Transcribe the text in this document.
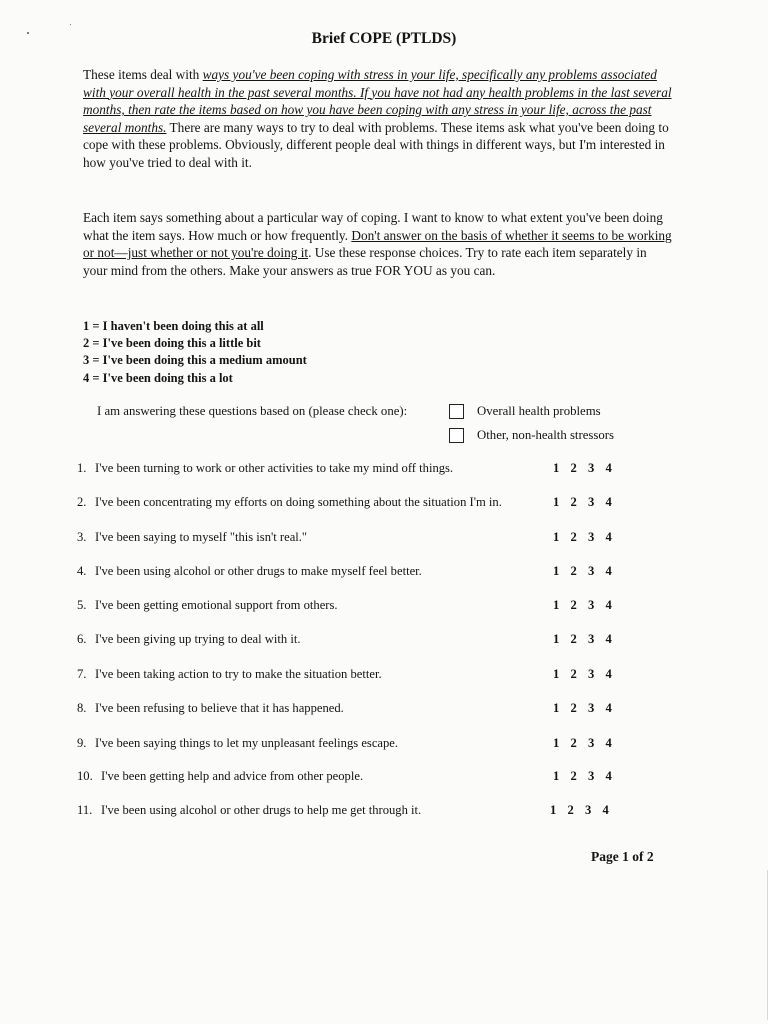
Brief COPE (PTLDS)
These items deal with ways you've been coping with stress in your life, specifically any problems associated with your overall health in the past several months. If you have not had any health problems in the last several months, then rate the items based on how you have been coping with any stress in your life, across the past several months. There are many ways to try to deal with problems. These items ask what you've been doing to cope with these problems. Obviously, different people deal with things in different ways, but I'm interested in how you've tried to deal with it.
Each item says something about a particular way of coping. I want to know to what extent you've been doing what the item says. How much or how frequently. Don't answer on the basis of whether it seems to be working or not—just whether or not you're doing it. Use these response choices. Try to rate each item separately in your mind from the others. Make your answers as true FOR YOU as you can.
1 = I haven't been doing this at all
2 = I've been doing this a little bit
3 = I've been doing this a medium amount
4 = I've been doing this a lot
I am answering these questions based on (please check one):	Overall health problems
Other, non-health stressors
1. I've been turning to work or other activities to take my mind off things.	1 2 3 4
2. I've been concentrating my efforts on doing something about the situation I'm in.	1 2 3 4
3. I've been saying to myself "this isn't real."	1 2 3 4
4. I've been using alcohol or other drugs to make myself feel better.	1 2 3 4
5. I've been getting emotional support from others.	1 2 3 4
6. I've been giving up trying to deal with it.	1 2 3 4
7. I've been taking action to try to make the situation better.	1 2 3 4
8. I've been refusing to believe that it has happened.	1 2 3 4
9. I've been saying things to let my unpleasant feelings escape.	1 2 3 4
10. I've been getting help and advice from other people.	1 2 3 4
11. I've been using alcohol or other drugs to help me get through it.	1 2 3 4
Page 1 of 2
